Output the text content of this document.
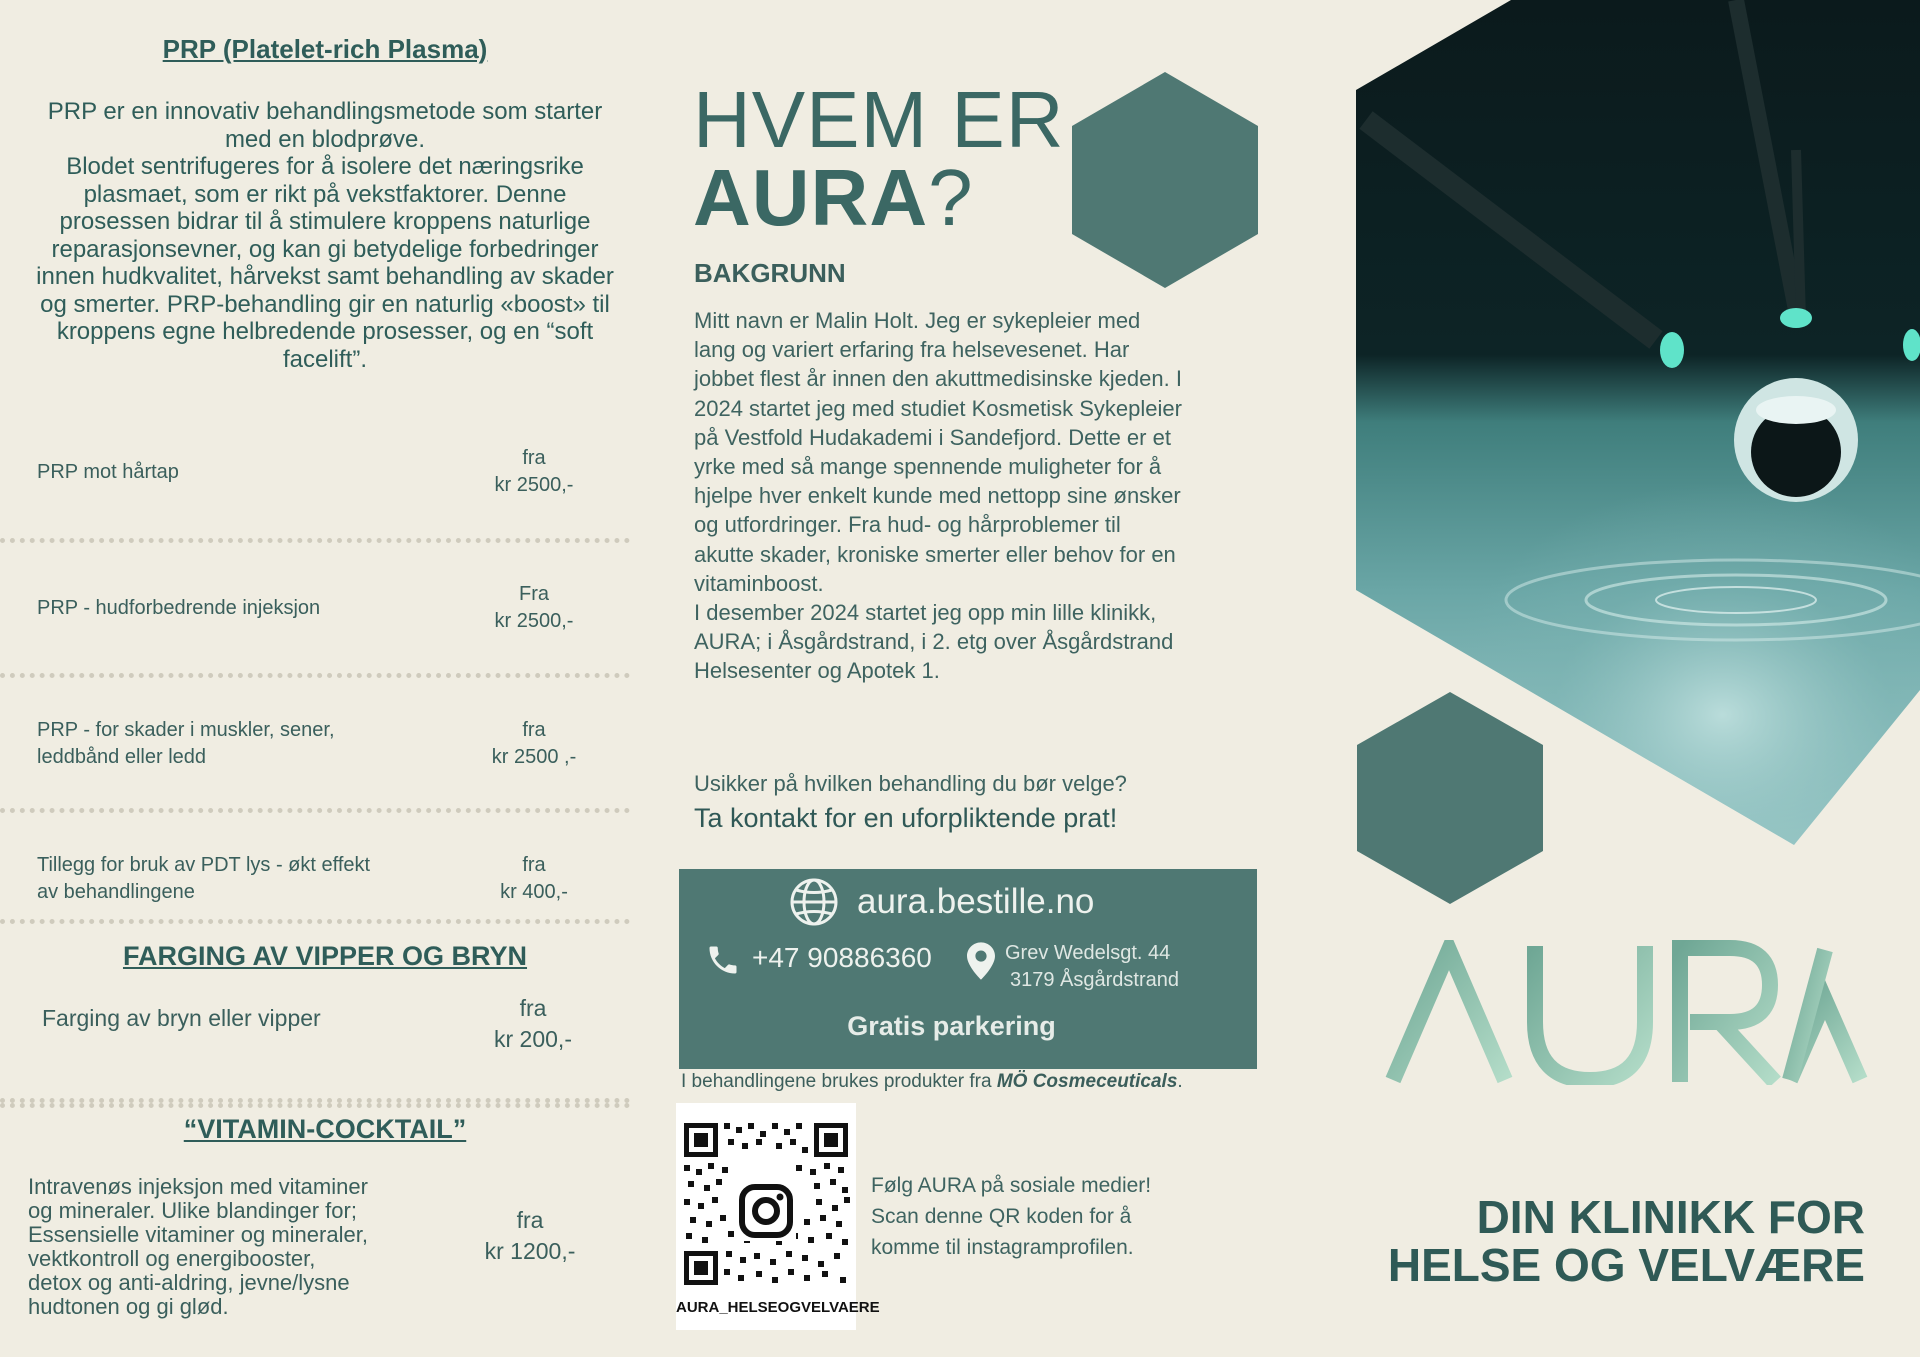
PRP (Platelet-rich Plasma)
PRP er en innovativ behandlingsmetode som starter med en blodprøve.
Blodet sentrifugeres for å isolere det næringsrike plasmaet, som er rikt på vekstfaktorer. Denne prosessen bidrar til å stimulere kroppens naturlige reparasjonsevner, og kan gi betydelige forbedringer innen hudkvalitet, hårvekst samt behandling av skader og smerter. PRP-behandling gir en naturlig «boost» til kroppens egne helbredende prosesser, og en “soft facelift”.
PRP mot hårtap
fra
kr 2500,-
PRP - hudforbedrende injeksjon
Fra
kr 2500,-
PRP - for skader i muskler, sener,
leddbånd eller ledd
fra
kr 2500 ,-
Tillegg for bruk av PDT lys - økt effekt
av behandlingene
fra
kr 400,-
FARGING AV VIPPER OG BRYN
Farging av bryn eller vipper	fra
kr 200,-
“VITAMIN-COCKTAIL”
Intravenøs injeksjon med vitaminer
og mineraler. Ulike blandinger for;
Essensielle vitaminer og mineraler,
vektkontroll og energibooster,
detox og anti-aldring, jevne/lysne
hudtonen og gi glød.
fra
kr 1200,-
HVEM ER
AURA?
BAKGRUNN
Mitt navn er Malin Holt. Jeg er sykepleier med lang og variert erfaring fra helsevesenet. Har jobbet flest år innen den akuttmedisinske kjeden. I 2024 startet jeg med studiet Kosmetisk Sykepleier på Vestfold Hudakademi i Sandefjord. Dette er et yrke med så mange spennende muligheter for å hjelpe hver enkelt kunde med nettopp sine ønsker og utfordringer. Fra hud- og hårproblemer til akutte skader, kroniske smerter eller behov for en vitaminboost.
I desember 2024 startet jeg opp min lille klinikk, AURA; i Åsgårdstrand, i 2. etg over Åsgårdstrand Helsesenter og Apotek 1.
Usikker på hvilken behandling du bør velge?
Ta kontakt for en uforpliktende prat!
aura.bestille.no
+47 90886360	Grev Wedelsgt. 44
3179 Åsgårdstrand
Gratis parkering
I behandlingene brukes produkter fra MÖ Cosmeceuticals.
AURA_HELSEOGVELVAERE
Følg AURA på sosiale medier!
Scan denne QR koden for å
komme til instagramprofilen.
AURA
DIN KLINIKK FOR
HELSE OG VELVÆRE
